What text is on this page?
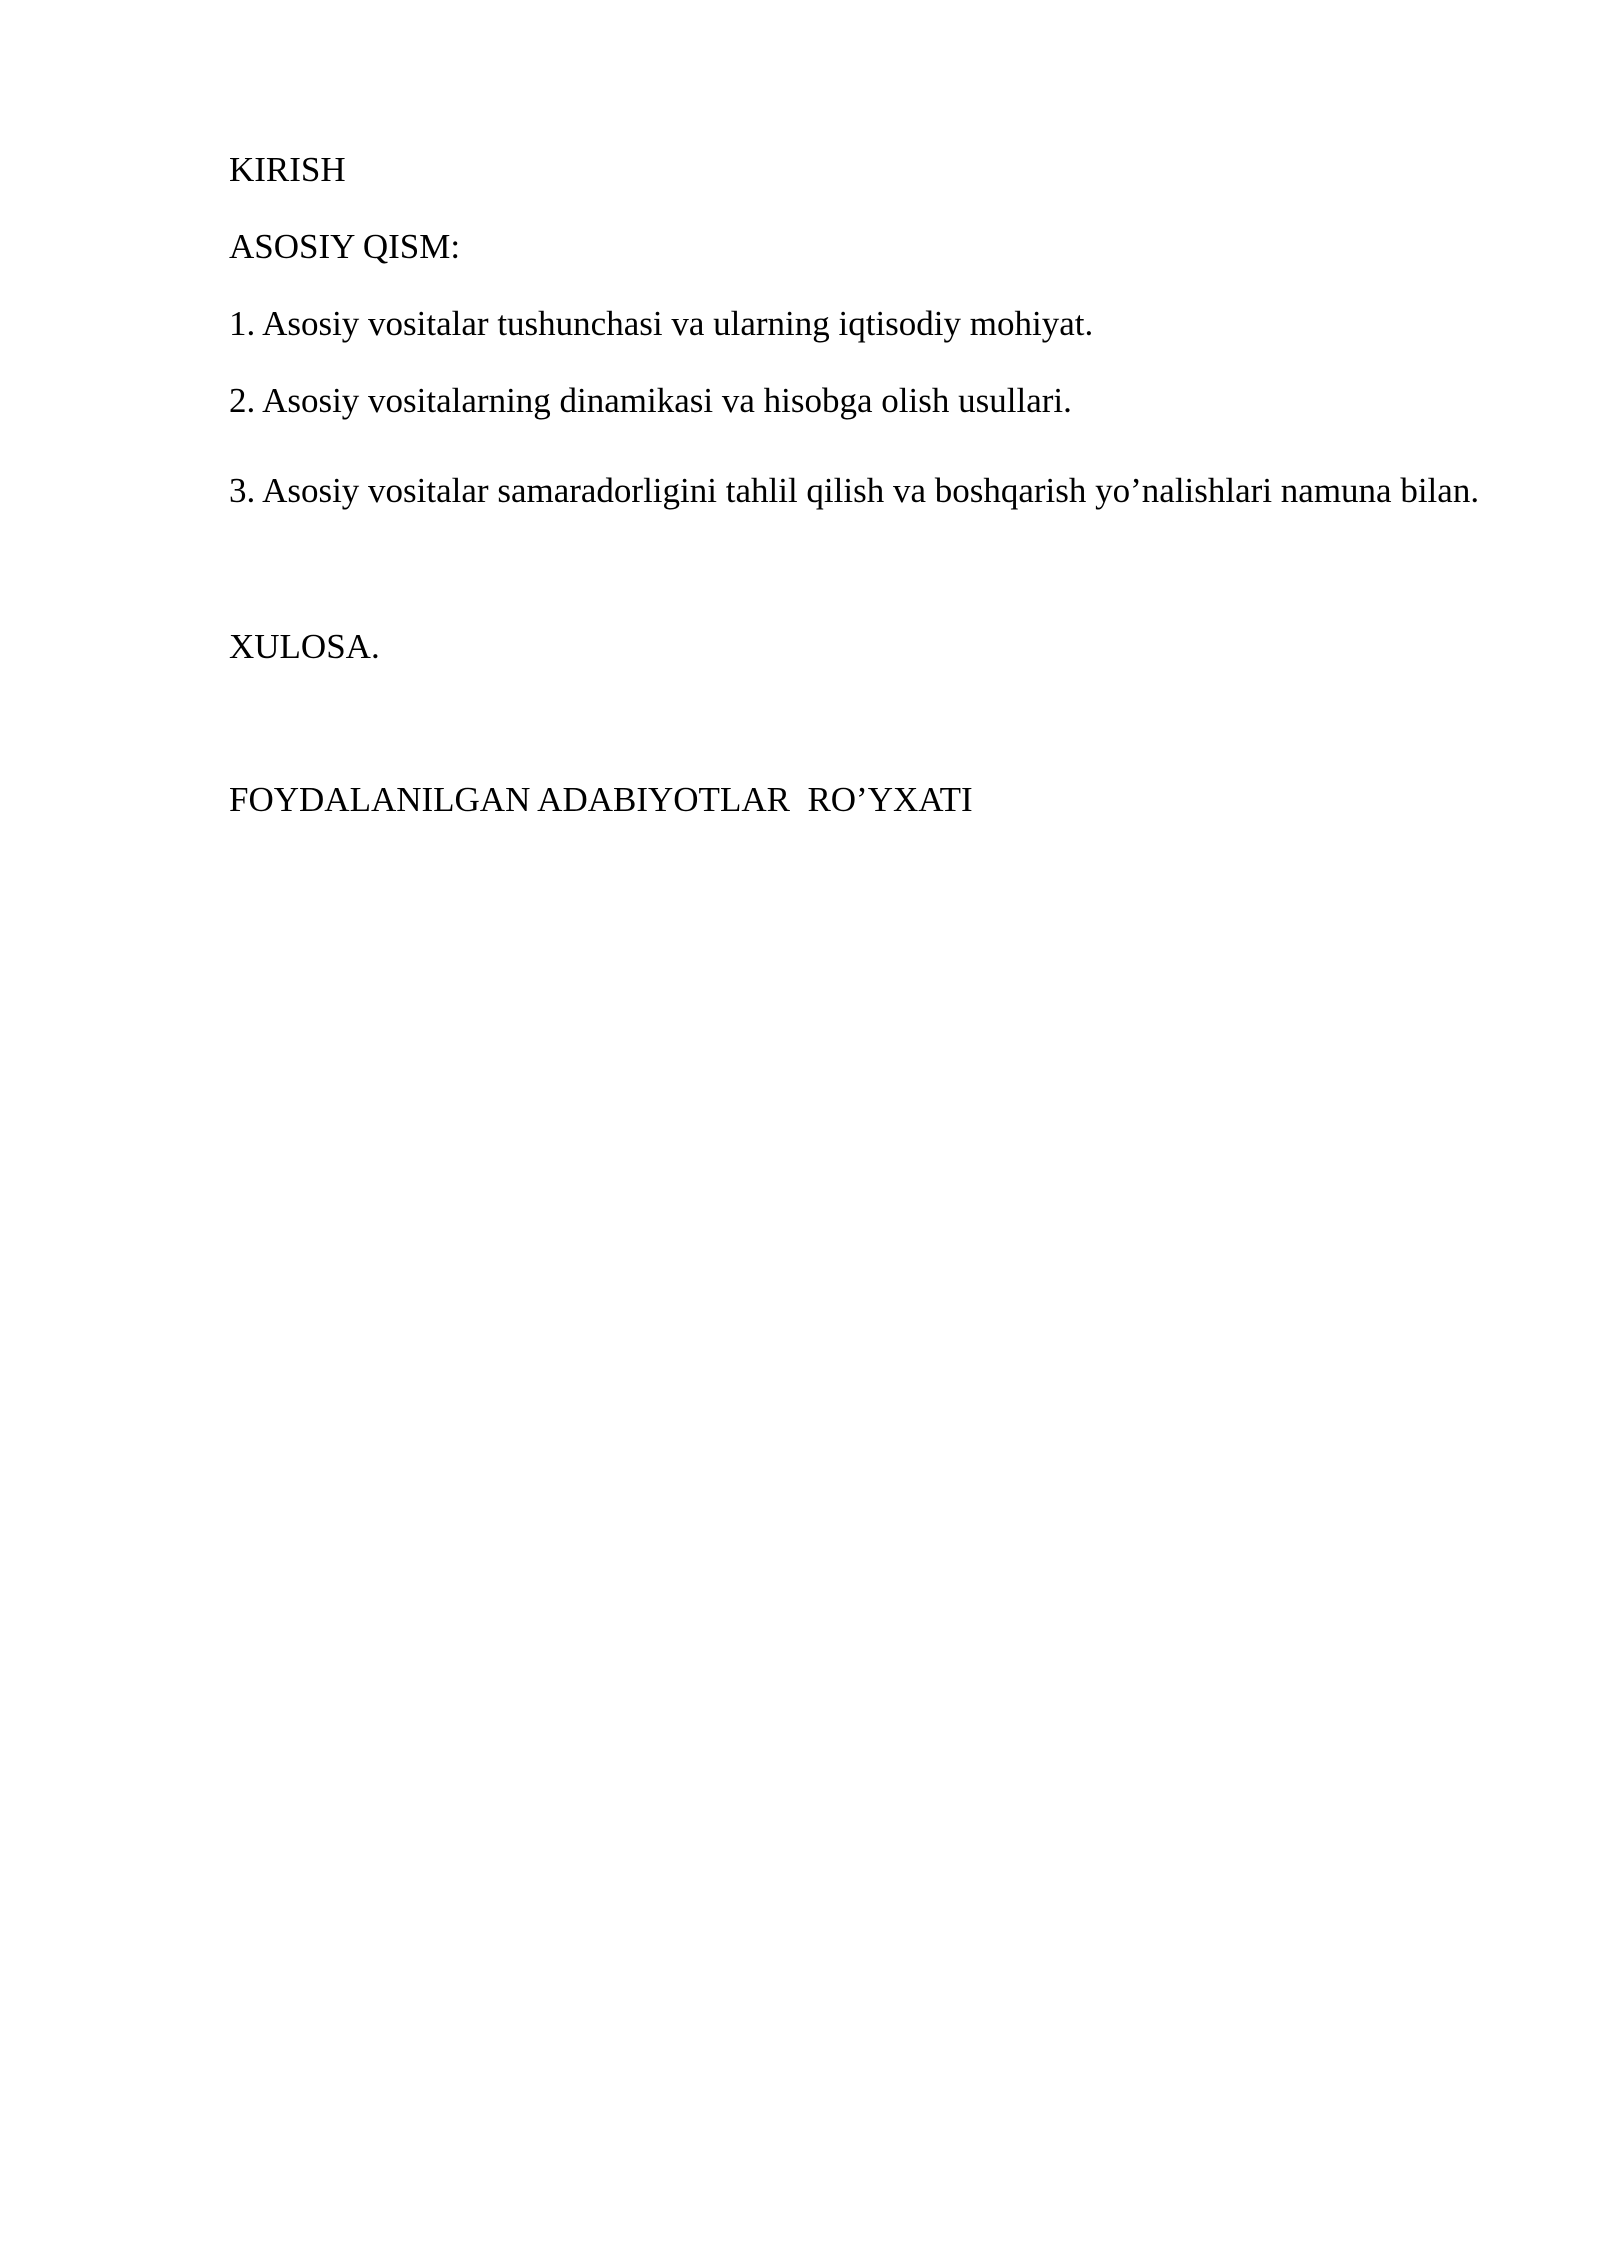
KIRISH

ASOSIY QISM:

1. Asosiy vositalar tushunchasi va ularning iqtisodiy mohiyat.

2. Asosiy vositalarning dinamikasi va hisobga olish usullari.

3. Asosiy vositalar samaradorligini tahlil qilish va boshqarish yo’nalishlari namuna bilan.

XULOSA.

FOYDALANILGAN ADABIYOTLAR  RO’YXATI
